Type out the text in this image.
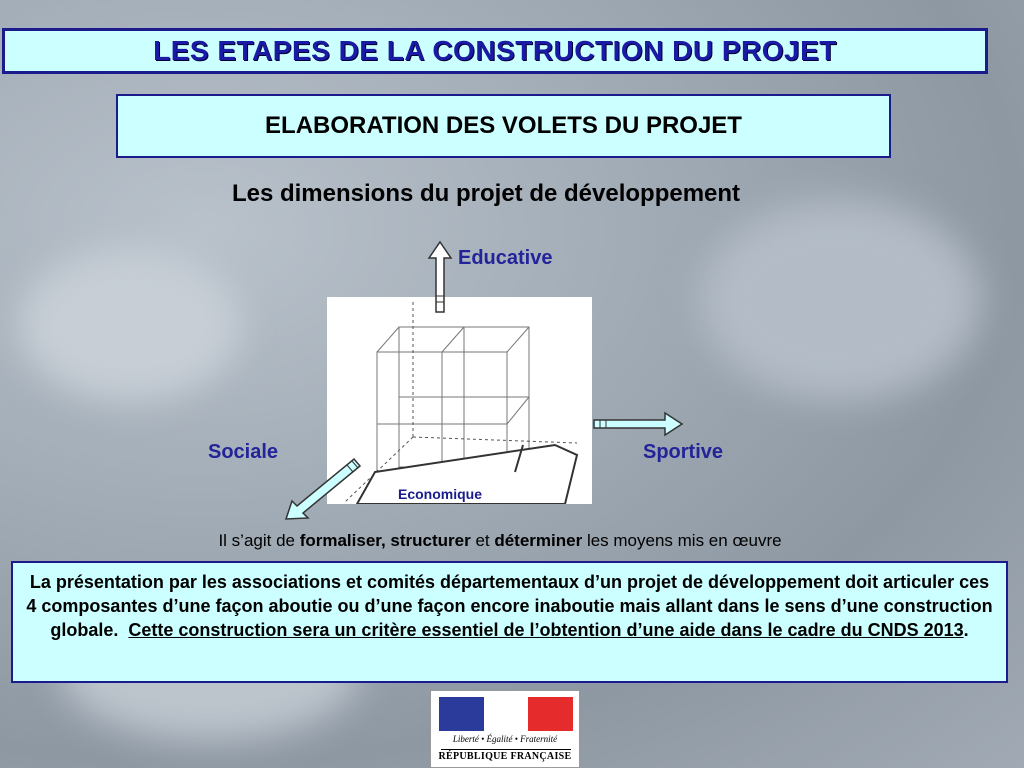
LES ETAPES DE LA CONSTRUCTION DU PROJET
ELABORATION DES VOLETS DU PROJET
Les dimensions du projet de développement
Educative
Sociale	Sportive
Economique
Il s’agit de formaliser, structurer et déterminer les moyens mis en œuvre
La présentation par les associations et comités départementaux d’un projet de développement doit articuler ces 4 composantes d’une façon aboutie ou d’une façon encore inaboutie mais allant dans le sens d’une construction globale. Cette construction sera un critère essentiel de l’obtention d’une aide dans le cadre du CNDS 2013.
Liberté • Égalité • Fraternité
RÉPUBLIQUE FRANÇAISE
